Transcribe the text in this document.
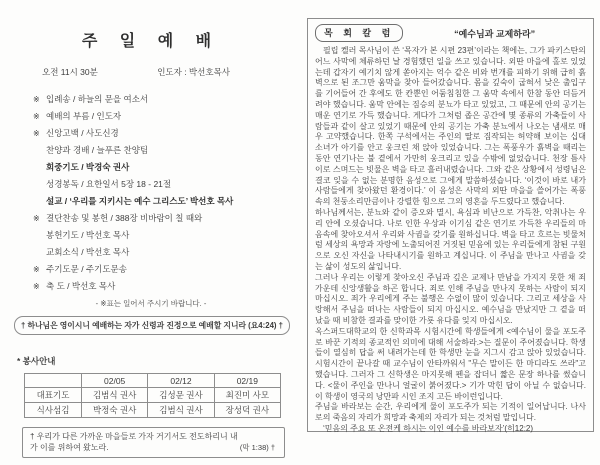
주 일 예 배
오전 11시 30분	인도자 : 박선호목사
※ 입례송 / 하늘의 문을 여소서
※ 예배의 부름 / 인도자
※ 신앙고백 / 사도신경
찬양과 경배 / 늘푸른 찬양팀
회중기도 / 박경숙 권사
성경봉독 / 요한일서 5장 18 - 21절
설교 / ‘우리를 지키시는 예수 그리스도’ 박선호 목사
※ 결단찬송 및 봉헌 / 388장 비바람이 칠 때와
봉헌기도 / 박선호 목사
교회소식 / 박선호 목사
※ 주기도문 / 주기도문송
※ 축 도 / 박선호 목사
- ※표는 일어서 주시기 바랍니다. -
† 하나님은 영이시니 예배하는 자가 신령과 진정으로 예배할 지니라 (요4:24) †
* 봉사안내
	02/05	02/12	02/19
대표기도	김범식 권사	김성문 권사	최진미 사모
식사섬김	박정숙 권사	김범식 권사	장성덕 권사
† 우리가 다른 가까운 마을들로 가자 거기서도 전도하리니 내가 이를 위하여 왔노라.	(막 1:38) †
목 회 칼 럼	“예수님과 교제하라”

필립 켈러 목사님이 쓴 ‘목자가 본 시편 23편’이라는 책에는, 그가 파키스탄의 어느 사막에 체류하던 날 경험했던 일을 쓰고 있습니다. 외딴 마을에 홀로 있었는데 갑자기 예기치 않게 쏟아지는 억수 같은 비와 번개를 피하기 위해 급히 흙벽으로 된 조그만 움막을 찾아 들어갔습니다. 몸을 깊숙이 굽혀서 낮은 출입구를 기어들어 간 후에도 한 칸뿐인 어둠침침한 그 움막 속에서 한참 동안 더듬거려야 했습니다. 움막 안에는 짐승의 분뇨가 타고 있었고, 그 때문에 안의 공기는 매운 연기로 가득 했습니다. 게다가 그처럼 좁은 공간에 몇 종류의 가축들이 사람들과 같이 살고 있었기 때문에 안의 공기는 가축 분뇨에서 나오는 냄새로 매우 고약했습니다. 한쪽 구석에서는 주인의 딸로 짐작되는 허약해 보이는 십대 소녀가 아기를 안고 웅크린 채 앉아 있었습니다. 그는 폭풍우가 흙벽을 때리는 동안 연기나는 불 곁에서 가만히 웅크리고 있을 수밖에 없었습니다. 천장 틈사이로 스며드는 빗물은 벽을 타고 흘러내렸습니다. 그와 같은 상황에서 성령님은 결코 잊을 수 없는 분명한 음성으로 그에게 말씀하셨습니다. ‘이것이 바로 내가 사람들에게 찾아왔던 환경이다.’ 이 음성은 사막의 외딴 마을을 쓸어가는 폭풍 속의 천둥소리만큼이나 강렬한 힘으로 그의 영혼을 두드렸다고 했습니다.

하나님께서는, 분뇨와 같이 증오와 멸시, 욕심과 비난으로 가득찬, 악취나는 우리 안에 오셨습니다. 나로 인한 우상과 이기심 같은 연기로 가득찬 우리들의 마음속에 찾아오셔서 우리와 사귐을 갖기를 원하십니다. 벽을 타고 흐르는 빗물처럼 세상의 욕망과 자랑에 노출되어진 거짓된 믿음에 있는 우리들에게 참된 구원으로 오신 자신을 나타내시기를 원하고 계십니다. 이 주님을 만나고 사귐을 갖는 삶이 성도의 삶입니다.

그러나 우리는 이렇게 찾아오신 주님과 깊은 교제나 만남을 가지지 못한 채 죄 가운데 신앙생활을 하곤 합니다. 죄로 인해 주님을 만나지 못하는 사람이 되지 마십시오. 죄가 우리에게 주는 불행은 수없이 많이 있습니다. 그리고 세상을 사랑해서 주님을 떠나는 사람들이 되지 마십시오. 예수님을 만났지만 그 곁을 떠났을 때 비참한 결과를 맞이한 가룟 유다를 잊지 마십시오.

옥스퍼드대학교의 한 신학과목 시험시간에 학생들에게 <예수님이 물을 포도주로 바꾼 기적의 종교적인 의미에 대해 서술하라.>는 질문이 주어졌습니다. 학생들이 열심히 답을 써 내려가는데 한 학생만 눈을 지그시 감고 앉아 있었습니다. 시험시간이 끝나갈 때 교수님이 안타까워서 "무슨 말이든 한 마디라도 쓰라"고 했습니다. 그러자 그 신학생은 마지못해 펜을 잡더니 짧은 문장 하나를 썼습니다. <물이 주인을 만나니 얼굴이 붉어졌다.> 기가 막힌 답이 아닐 수 없습니다. 이 학생이 영국의 낭만파 시인 조지 고든 바이런입니다.

주님을 바라보는 순간, 우리에게 물이 포도주가 되는 기적이 일어납니다. 나사로의 죽음의 자리가 희망과 축제의 자리가 되는 것처럼 말입니다.

‘믿음의 주요 또 온전케 하시는 이인 예수를 바라보자’(히12:2)
